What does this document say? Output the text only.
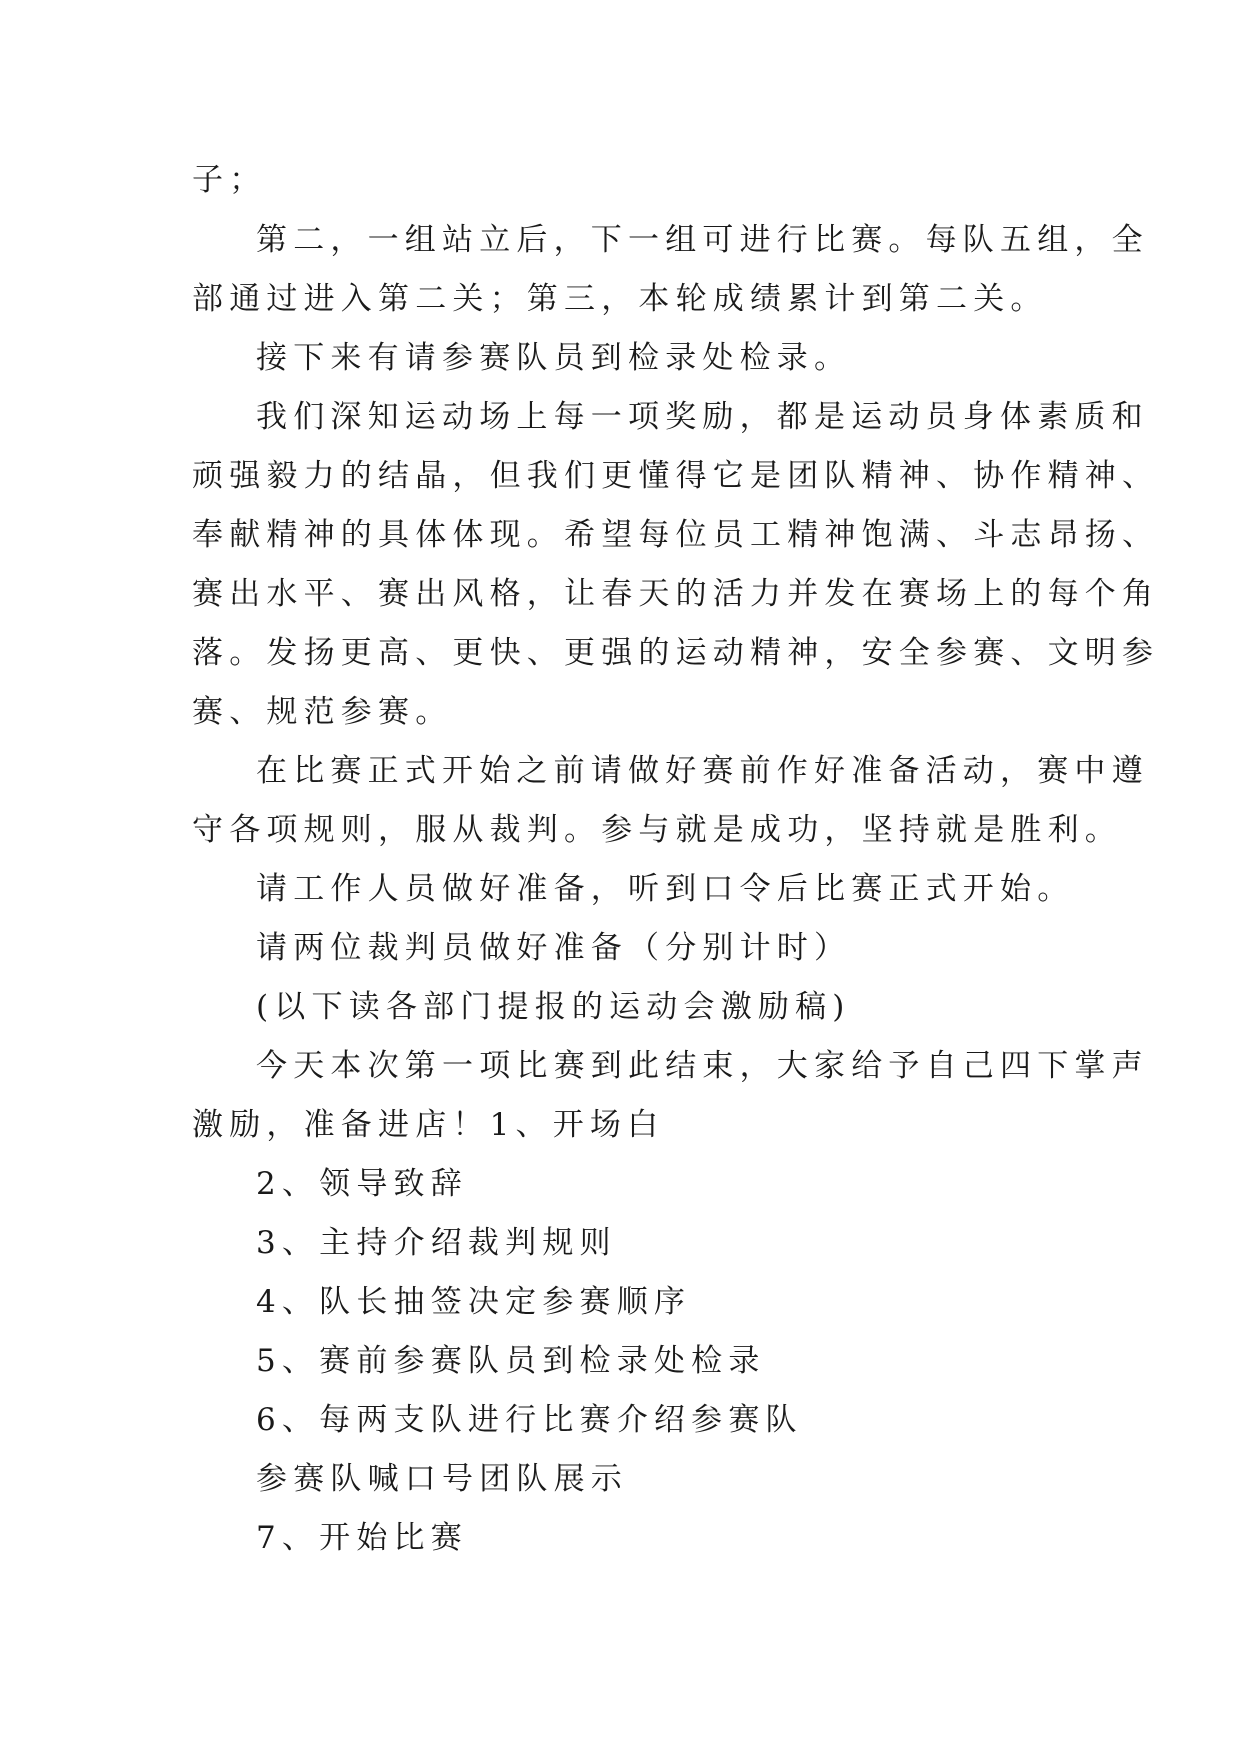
子；
第二，一组站立后，下一组可进行比赛。每队五组，全
部通过进入第二关；第三，本轮成绩累计到第二关。
接下来有请参赛队员到检录处检录。
我们深知运动场上每一项奖励，都是运动员身体素质和
顽强毅力的结晶，但我们更懂得它是团队精神、协作精神、
奉献精神的具体体现。希望每位员工精神饱满、斗志昂扬、
赛出水平、赛出风格，让春天的活力并发在赛场上的每个角
落。发扬更高、更快、更强的运动精神，安全参赛、文明参
赛、规范参赛。
在比赛正式开始之前请做好赛前作好准备活动，赛中遵
守各项规则，服从裁判。参与就是成功，坚持就是胜利。
请工作人员做好准备，听到口令后比赛正式开始。
请两位裁判员做好准备（分别计时）
(以下读各部门提报的运动会激励稿)
今天本次第一项比赛到此结束，大家给予自己四下掌声
激励，准备进店！1、开场白
2、领导致辞
3、主持介绍裁判规则
4、队长抽签决定参赛顺序
5、赛前参赛队员到检录处检录
6、每两支队进行比赛介绍参赛队
参赛队喊口号团队展示
7、开始比赛
